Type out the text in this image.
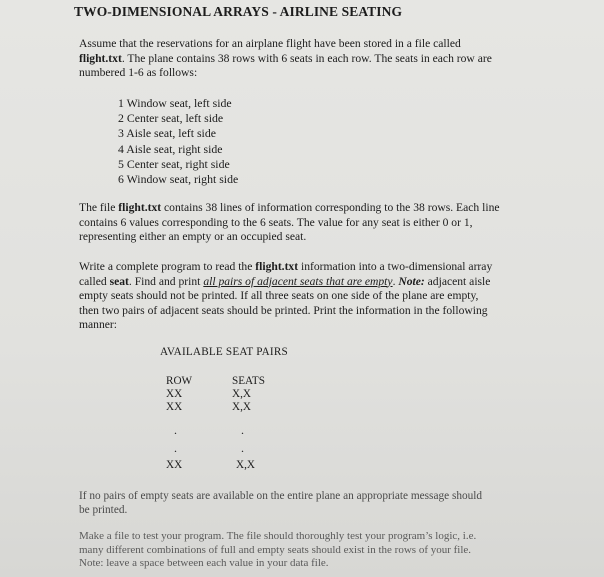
TWO-DIMENSIONAL ARRAYS - AIRLINE SEATING

Assume that the reservations for an airplane flight have been stored in a file called
flight.txt. The plane contains 38 rows with 6 seats in each row. The seats in each row are
numbered 1-6 as follows:

1 Window seat, left side
2 Center seat, left side
3 Aisle seat, left side
4 Aisle seat, right side
5 Center seat, right side
6 Window seat, right side

The file flight.txt contains 38 lines of information corresponding to the 38 rows. Each line
contains 6 values corresponding to the 6 seats. The value for any seat is either 0 or 1,
representing either an empty or an occupied seat.

Write a complete program to read the flight.txt information into a two-dimensional array
called seat. Find and print all pairs of adjacent seats that are empty. Note: adjacent aisle
empty seats should not be printed. If all three seats on one side of the plane are empty,
then two pairs of adjacent seats should be printed. Print the information in the following
manner:

AVAILABLE SEAT PAIRS
ROW
XX
XX
SEATS
X,X
X,X
.
.
.
.
XX	X,X

If no pairs of empty seats are available on the entire plane an appropriate message should
be printed.

Make a file to test your program. The file should thoroughly test your program’s logic, i.e.
many different combinations of full and empty seats should exist in the rows of your file.
Note: leave a space between each value in your data file.
